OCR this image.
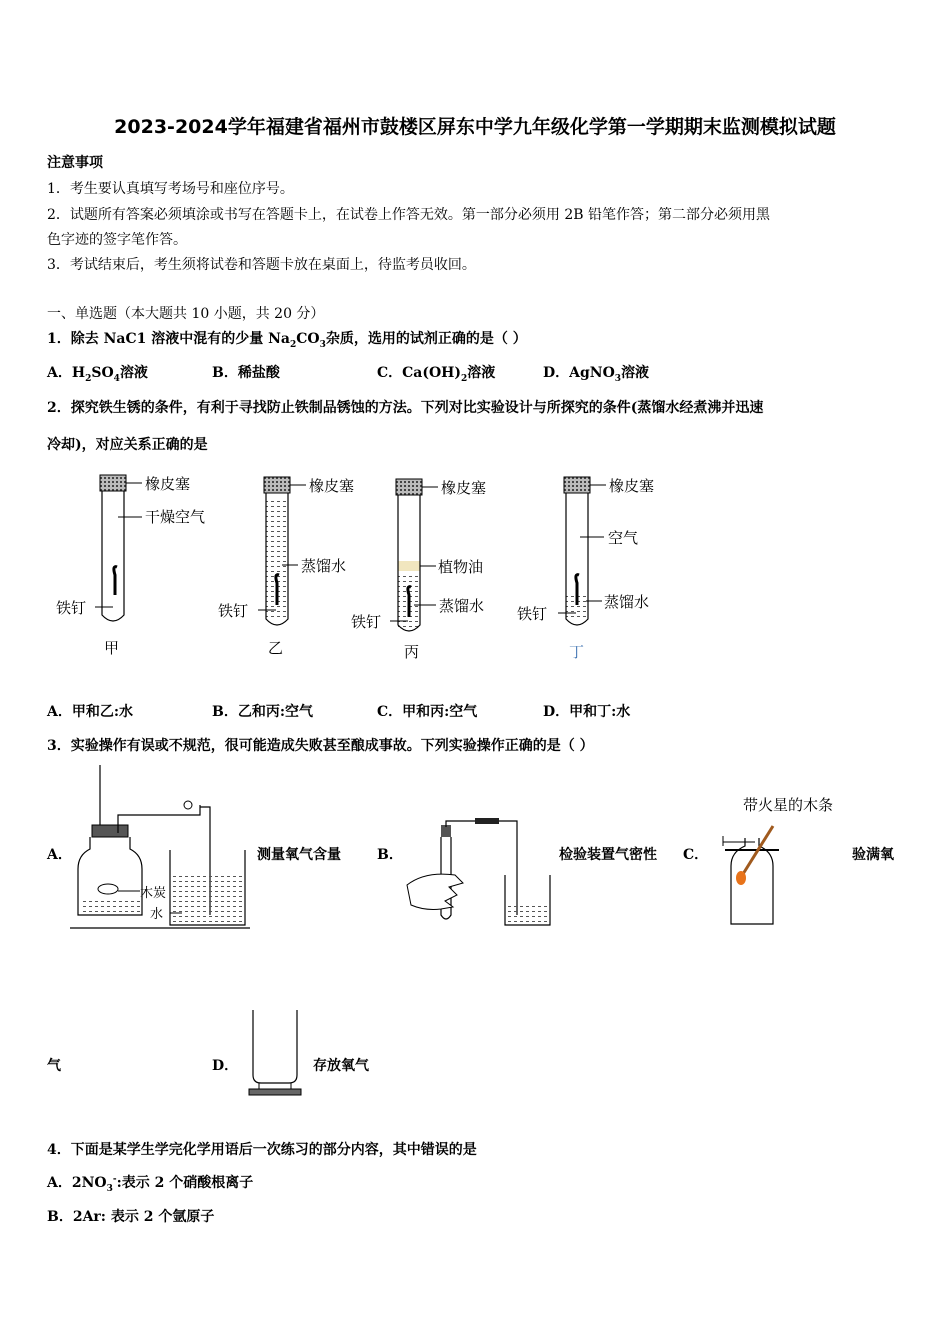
2023-2024学年福建省福州市鼓楼区屏东中学九年级化学第一学期期末监测模拟试题
注意事项
1．考生要认真填写考场号和座位序号。
2．试题所有答案必须填涂或书写在答题卡上，在试卷上作答无效。第一部分必须用 2B 铅笔作答；第二部分必须用黑
色字迹的签字笔作答。
3．考试结束后，考生须将试卷和答题卡放在桌面上，待监考员收回。
一、单选题（本大题共 10 小题，共 20 分）
1．除去 NaC1 溶液中混有的少量 $Na_2CO_3$杂质，选用的试剂正确的是（ ）
A．$H_2SO_4$溶液	B．稀盐酸	C．$Ca(OH)_2$溶液	D．AgNO$_3$溶液
2．探究铁生锈的条件，有利于寻找防止铁制品锈蚀的方法。下列对比实验设计与所探究的条件(蒸馏水经煮沸并迅速
冷却)，对应关系正确的是
橡皮塞
干燥空气
铁钉
甲
橡皮塞
蒸馏水
铁钉
乙
橡皮塞
植物油
蒸馏水
铁钉
丙
橡皮塞
空气
蒸馏水
铁钉
丁
A．甲和乙:水	B．乙和丙:空气	C．甲和丙:空气	D．甲和丁:水
3．实验操作有误或不规范，很可能造成失败甚至酿成事故。下列实验操作正确的是（ ）
A．
木炭
水
测量氧气含量	B．	检验装置气密性 C．
带火星的木条
验满氧
气	D．	存放氧气
4．下面是某学生学完化学用语后一次练习的部分内容，其中错误的是
A．$2NO_3^-$:表示 2 个硝酸根离子
B．2Ar: 表示 2 个氩原子
